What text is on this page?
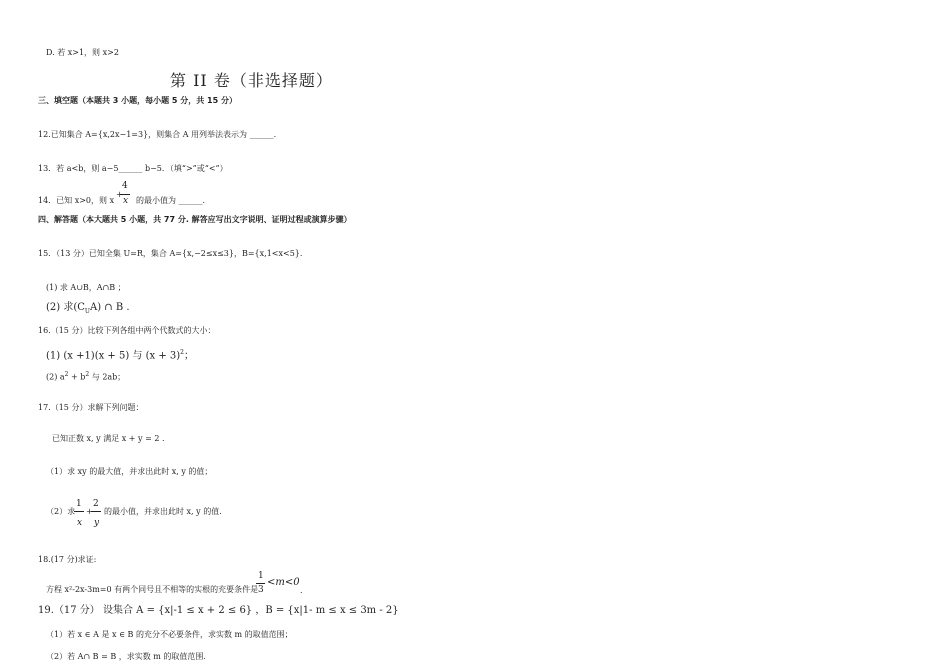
D. 若 x>1，则 x>2
第 II 卷（非选择题）
三、填空题（本题共 3 小题，每小题 5 分，共 15 分）
12.已知集合 A={x,2x−1=3}，则集合 A 用列举法表示为 ______.
13．若 a<b，则 a−5______ b−5．（填“>”或“<”）
14．已知 x>0，则 x
+
4
x 的最小值为 ______.
四、解答题（本大题共 5 小题，共 77 分. 解答应写出文字说明、证明过程或演算步骤）
15．（13 分）已知全集 U=R，集合 A={x,−2≤x≤3}，B={x,1<x<5}.
(1) 求 A∪B，A∩B ；
(2) 求$(C_UA)$ ∩ B .
16.（15 分）比较下列各组中两个代数式的大小：
(1) (x +1)(x + 5) 与 $(x + 3)^2$；
(2) $a^2 + b^2$ 与 2ab；
17.（15 分）求解下列问题：
已知正数 x, y 满足 x + y = 2 .
（1）求 xy 的最大值，并求出此时 x, y 的值；
（2）求
1
x
+
2
y
的最小值，并求出此时 x, y 的值.
18.(17 分)求证:
方程 x²-2x-3m=0 有两个同号且不相等的实根的充要条件是
1
3
<m<0
.
19.（17 分） 设集合 A = {x|-1 ≤ x + 2 ≤ 6} ，B = {x|1- m ≤ x ≤ 3m - 2}
（1）若 x ∈ A 是 x ∈ B 的充分不必要条件，求实数 m 的取值范围；
（2）若 A∩ B = B ，求实数 m 的取值范围.
